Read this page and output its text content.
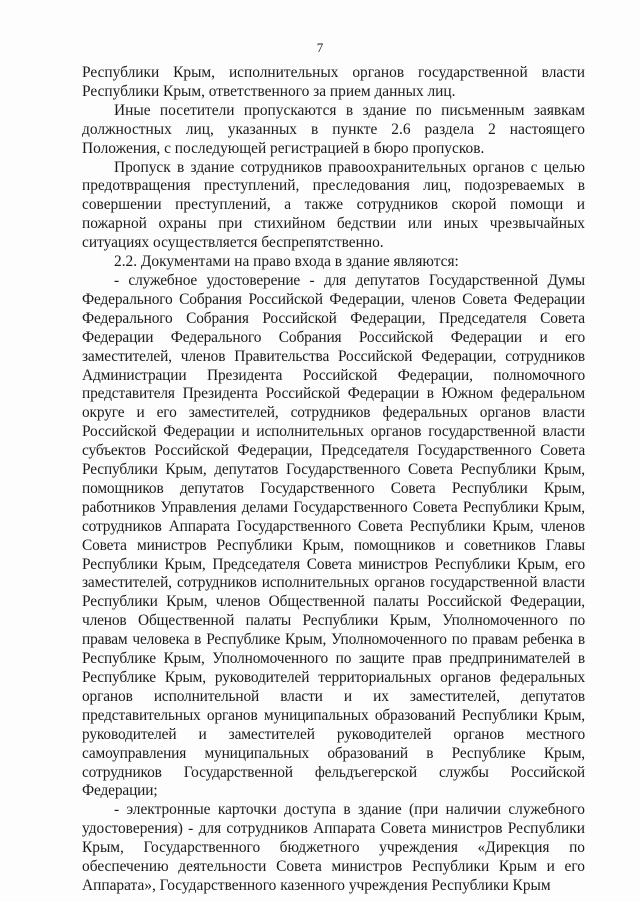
7

Республики Крым, исполнительных органов государственной власти Республики Крым, ответственного за прием данных лиц.

Иные посетители пропускаются в здание по письменным заявкам должностных лиц, указанных в пункте 2.6 раздела 2 настоящего Положения, с последующей регистрацией в бюро пропусков.

Пропуск в здание сотрудников правоохранительных органов с целью предотвращения преступлений, преследования лиц, подозреваемых в совершении преступлений, а также сотрудников скорой помощи и пожарной охраны при стихийном бедствии или иных чрезвычайных ситуациях осуществляется беспрепятственно.

2.2. Документами на право входа в здание являются:

- служебное удостоверение - для депутатов Государственной Думы Федерального Собрания Российской Федерации, членов Совета Федерации Федерального Собрания Российской Федерации, Председателя Совета Федерации Федерального Собрания Российской Федерации и его заместителей, членов Правительства Российской Федерации, сотрудников Администрации Президента Российской Федерации, полномочного представителя Президента Российской Федерации в Южном федеральном округе и его заместителей, сотрудников федеральных органов власти Российской Федерации и исполнительных органов государственной власти субъектов Российской Федерации, Председателя Государственного Совета Республики Крым, депутатов Государственного Совета Республики Крым, помощников депутатов Государственного Совета Республики Крым, работников Управления делами Государственного Совета Республики Крым, сотрудников Аппарата Государственного Совета Республики Крым, членов Совета министров Республики Крым, помощников и советников Главы Республики Крым, Председателя Совета министров Республики Крым, его заместителей, сотрудников исполнительных органов государственной власти Республики Крым, членов Общественной палаты Российской Федерации, членов Общественной палаты Республики Крым, Уполномоченного по правам человека в Республике Крым, Уполномоченного по правам ребенка в Республике Крым, Уполномоченного по защите прав предпринимателей в Республике Крым, руководителей территориальных органов федеральных органов исполнительной власти и их заместителей, депутатов представительных органов муниципальных образований Республики Крым, руководителей и заместителей руководителей органов местного самоуправления муниципальных образований в Республике Крым, сотрудников Государственной фельдъегерской службы Российской Федерации;

- электронные карточки доступа в здание (при наличии служебного удостоверения) - для сотрудников Аппарата Совета министров Республики Крым, Государственного бюджетного учреждения «Дирекция по обеспечению деятельности Совета министров Республики Крым и его Аппарата», Государственного казенного учреждения Республики Крым
